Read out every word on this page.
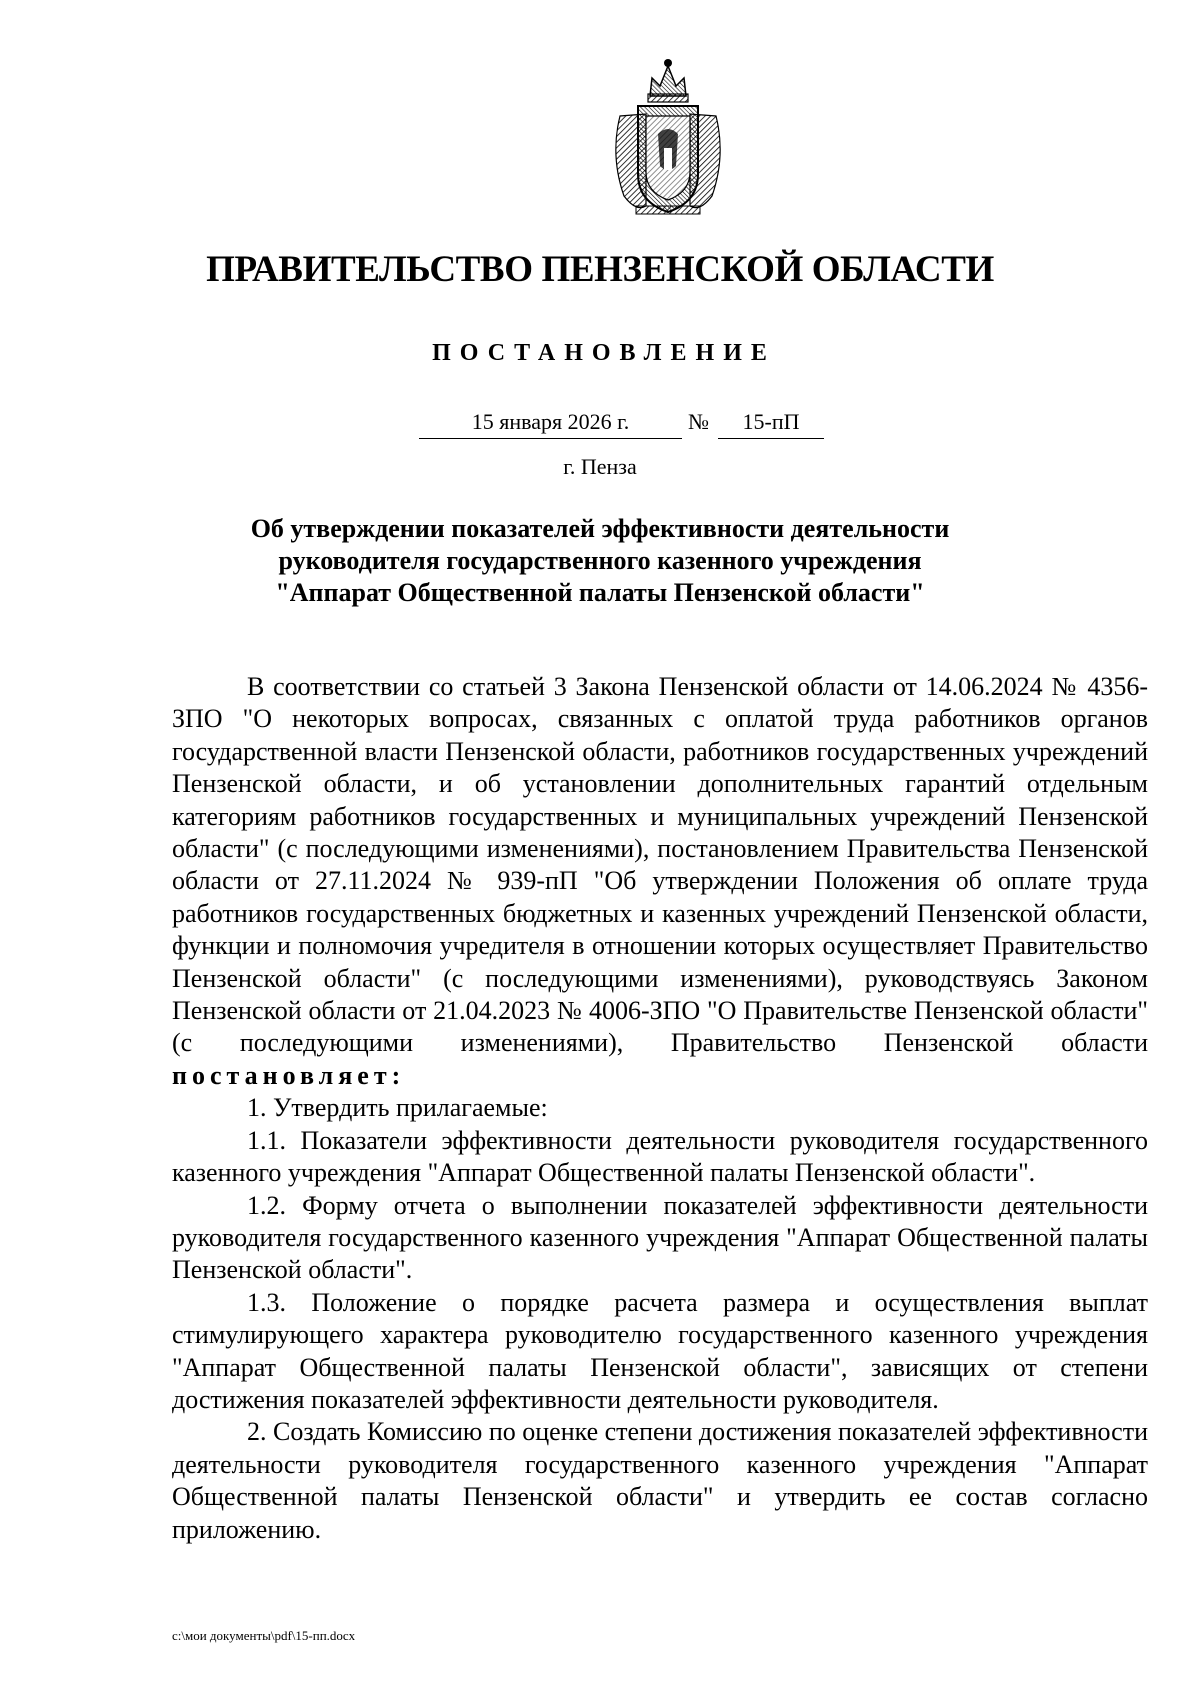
ПРАВИТЕЛЬСТВО ПЕНЗЕНСКОЙ ОБЛАСТИ
ПОСТАНОВЛЕНИЕ
15 января 2026 г.	№	15-пП
г. Пенза
Об утверждении показателей эффективности деятельности
руководителя государственного казенного учреждения
"Аппарат Общественной палаты Пензенской области"

В соответствии со статьей 3 Закона Пензенской области от 14.06.2024 № 4356-ЗПО "О некоторых вопросах, связанных с оплатой труда работников органов государственной власти Пензенской области, работников государственных учреждений Пензенской области, и об установлении дополнительных гарантий отдельным категориям работников государственных и муниципальных учреждений Пензенской области" (с последующими изменениями), постановлением Правительства Пензенской области от 27.11.2024 № 939-пП "Об утверждении Положения об оплате труда работников государственных бюджетных и казенных учреждений Пензенской области, функции и полномочия учредителя в отношении которых осуществляет Правительство Пензенской области" (с последующими изменениями), руководствуясь Законом Пензенской области от 21.04.2023 № 4006-ЗПО "О Правительстве Пензенской области" (с последующими изменениями), Правительство Пензенской области постановляет:

1. Утвердить прилагаемые:

1.1. Показатели эффективности деятельности руководителя государственного казенного учреждения "Аппарат Общественной палаты Пензенской области".

1.2. Форму отчета о выполнении показателей эффективности деятельности руководителя государственного казенного учреждения "Аппарат Общественной палаты Пензенской области".

1.3. Положение о порядке расчета размера и осуществления выплат стимулирующего характера руководителю государственного казенного учреждения "Аппарат Общественной палаты Пензенской области", зависящих от степени достижения показателей эффективности деятельности руководителя.

2. Создать Комиссию по оценке степени достижения показателей эффективности деятельности руководителя государственного казенного учреждения "Аппарат Общественной палаты Пензенской области" и утвердить ее состав согласно приложению.

c:\мои документы\pdf\15-пп.docx
